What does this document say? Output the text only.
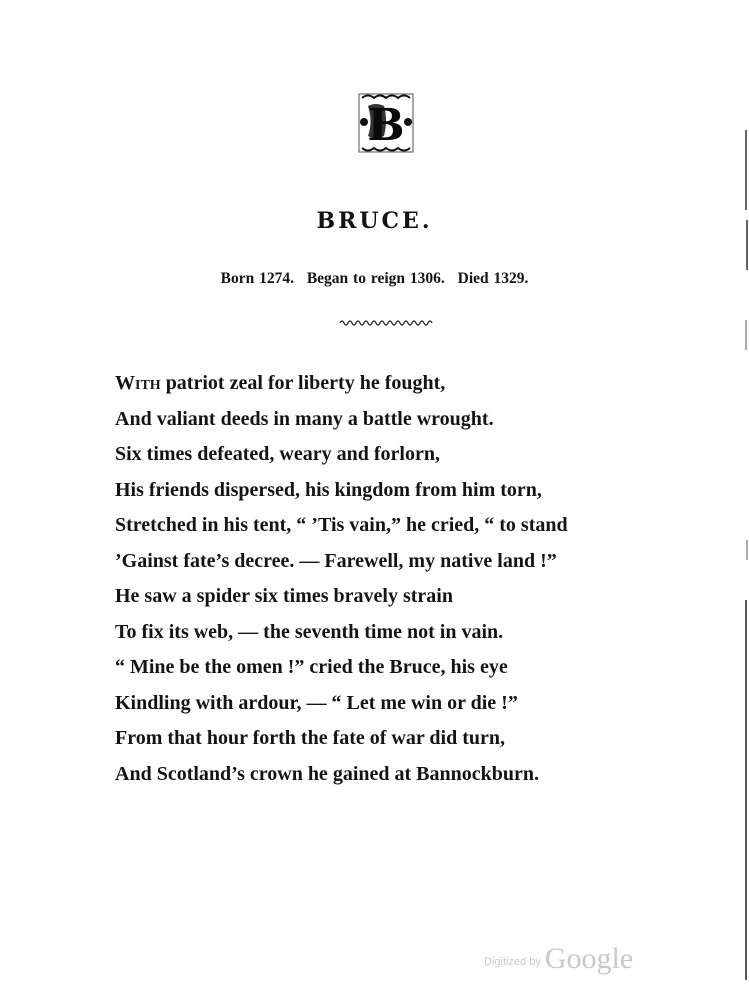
B
BRUCE.
Born 1274. Began to reign 1306. Died 1329.
With patriot zeal for liberty he fought,
And valiant deeds in many a battle wrought.
Six times defeated, weary and forlorn,
His friends dispersed, his kingdom from him torn,
Stretched in his tent, “ ’Tis vain,” he cried, “ to stand
’Gainst fate’s decree. — Farewell, my native land !”
He saw a spider six times bravely strain
To fix its web, — the seventh time not in vain.
“ Mine be the omen !” cried the Bruce, his eye
Kindling with ardour, — “ Let me win or die !”
From that hour forth the fate of war did turn,
And Scotland’s crown he gained at Bannockburn.
Digitized by Google
